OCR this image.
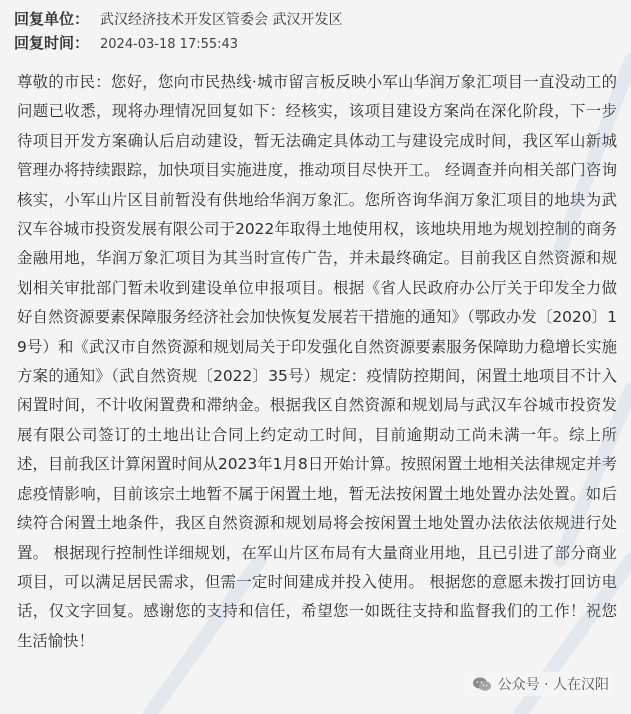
回复单位： 武汉经济技术开发区管委会 武汉开发区
回复时间： 2024-03-18 17:55:43
尊敬的市民：您好，您向市民热线·城市留言板反映小军山华润万象汇项目一直没动工的问题已收悉，现将办理情况回复如下：经核实，该项目建设方案尚在深化阶段，下一步待项目开发方案确认后启动建设，暂无法确定具体动工与建设完成时间，我区军山新城管理办将持续跟踪，加快项目实施进度，推动项目尽快开工。 经调查并向相关部门咨询核实，小军山片区目前暂没有供地给华润万象汇。您所咨询华润万象汇项目的地块为武汉车谷城市投资发展有限公司于2022年取得土地使用权，该地块用地为规划控制的商务金融用地，华润万象汇项目为其当时宣传广告，并未最终确定。目前我区自然资源和规划相关审批部门暂未收到建设单位申报项目。根据《省人民政府办公厅关于印发全力做好自然资源要素保障服务经济社会加快恢复发展若干措施的通知》（鄂政办发〔2020〕19号）和《武汉市自然资源和规划局关于印发强化自然资源要素服务保障助力稳增长实施方案的通知》（武自然资规〔2022〕35号）规定：疫情防控期间，闲置土地项目不计入闲置时间，不计收闲置费和滞纳金。根据我区自然资源和规划局与武汉车谷城市投资发展有限公司签订的土地出让合同上约定动工时间，目前逾期动工尚未满一年。综上所述，目前我区计算闲置时间从2023年1月8日开始计算。按照闲置土地相关法律规定并考虑疫情影响，目前该宗土地暂不属于闲置土地，暂无法按闲置土地处置办法处置。如后续符合闲置土地条件，我区自然资源和规划局将会按闲置土地处置办法依法依规进行处置。 根据现行控制性详细规划，在军山片区布局有大量商业用地，且已引进了部分商业项目，可以满足居民需求，但需一定时间建成并投入使用。 根据您的意愿未拨打回访电话，仅文字回复。感谢您的支持和信任，希望您一如既往支持和监督我们的工作！祝您生活愉快！
公众号 · 人在汉阳
